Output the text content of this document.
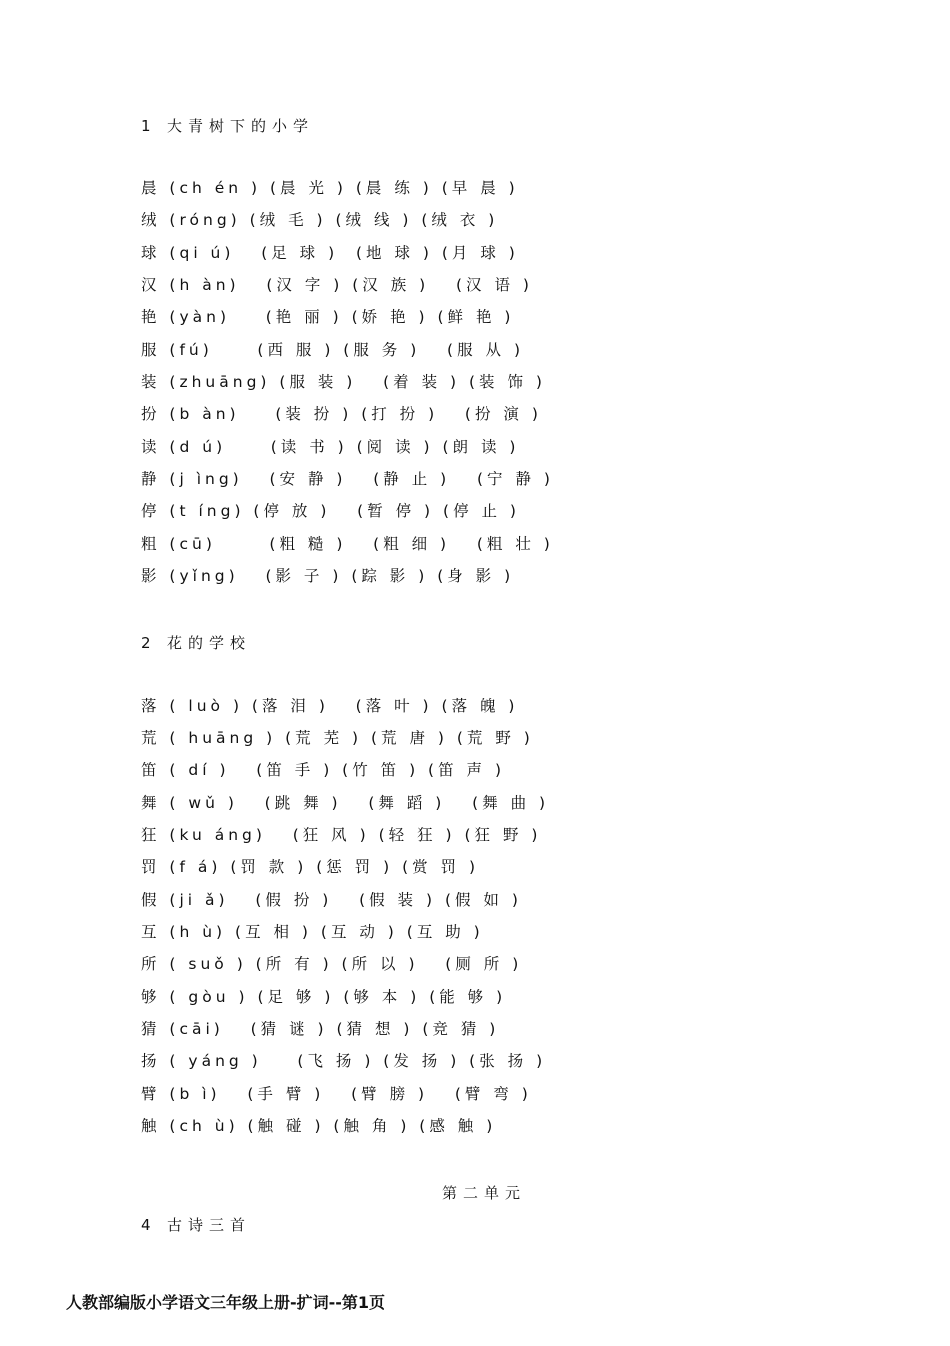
1 大青树下的小学
晨 (ch én ) (晨 光 ) (晨 练 ) (早 晨 )
绒 (róng) (绒 毛 ) (绒 线 ) (绒 衣 )
球 (qi ú)   (足 球 )  (地 球 ) (月 球 )
汉 (h àn)   (汉 字 ) (汉 族 )   (汉 语 )
艳 (yàn)    (艳 丽 ) (娇 艳 ) (鲜 艳 )
服 (fú)     (西 服 ) (服 务 )   (服 从 )
装 (zhuāng) (服 装 )   (着 装 ) (装 饰 )
扮 (b àn)    (装 扮 ) (打 扮 )   (扮 演 )
读 (d ú)     (读 书 ) (阅 读 ) (朗 读 )
静 (j ìng)   (安 静 )   (静 止 )   (宁 静 )
停 (t íng) (停 放 )   (暂 停 ) (停 止 )
粗 (cū)      (粗 糙 )   (粗 细 )   (粗 壮 )
影 (yǐng)   (影 子 ) (踪 影 ) (身 影 )
2 花的学校
落 ( luò ) (落 泪 )   (落 叶 ) (落 魄 )
荒 ( huāng ) (荒 芜 ) (荒 唐 ) (荒 野 )
笛 ( dí )   (笛 手 ) (竹 笛 ) (笛 声 )
舞 ( wǔ )   (跳 舞 )   (舞 蹈 )   (舞 曲 )
狂 (ku áng)   (狂 风 ) (轻 狂 ) (狂 野 )
罚 (f á) (罚 款 ) (惩 罚 ) (赏 罚 )
假 (ji ǎ)   (假 扮 )   (假 装 ) (假 如 )
互 (h ù) (互 相 ) (互 动 ) (互 助 )
所 ( suǒ ) (所 有 ) (所 以 )   (厕 所 )
够 ( gòu ) (足 够 ) (够 本 ) (能 够 )
猜 (cāi)   (猜 谜 ) (猜 想 ) (竞 猜 )
扬 ( yáng )    (飞 扬 ) (发 扬 ) (张 扬 )
臂 (b ì)   (手 臂 )   (臂 膀 )   (臂 弯 )
触 (ch ù) (触 碰 ) (触 角 ) (感 触 )
第二单元
4 古诗三首
人教部编版小学语文三年级上册-扩词--第1页
